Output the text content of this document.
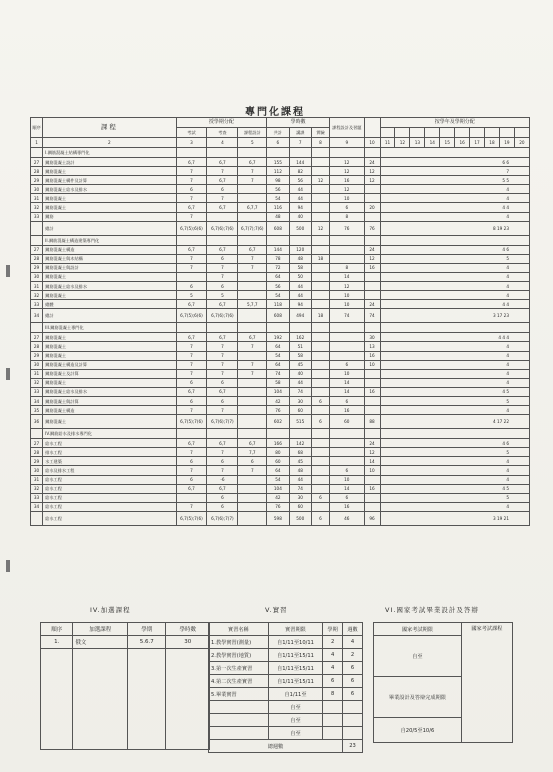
專門化課程
順序	課程	授學期分配			學時數			課程設計及習題		按學年及學期分配									
		考試	考查	課程設計	共計	講課	實驗												
1	2	3	4	5	6	7	8	9	10	11	12	13	14	15	16	17	18	19	20
	I.鋼筋混凝土結構專門化																		
27	鋼筋混凝土設計	6,7	6,7	6,7	155	144		12	24	6 6									
28	鋼筋混凝土	7	7	7	112	82		12	12	7									
29	鋼筋混凝土構件及計算	7	6,7	7	98	56	12	16	12	5 5									
30	鋼筋混凝土給水及排水	6	6		56	44		12		4									
31	鋼筋混凝土	7	7		54	44		10		4									
32	鋼筋混凝土	6,7	6,7	6,7,7	116	94		6	20	4 4									
33	鋼筋	7			48	40		8		4									
	總計	6,7(5);6(6)	6,7(6);7(6)	6,7(7);7(6)	608	500	12	76	76	8 19 23									
	II.鋼筋混凝土構造建築專門化																		
27	鋼筋混凝土構造	6,7	6,7	6,7	144	120			24	4 6									
28	鋼筋混凝土與木結構	7	6	7	78	48	18		12	5									
29	鋼筋混凝土與設計	7	7	7	72	58		8	16	4									
30	鋼筋混凝土		7		64	50		14		4									
31	鋼筋混凝土給水及排水	6	6		56	44		12		4									
32	鋼筋混凝土	5	5		54	44		10		4									
33	總體	6,7	6,7	5,7,7	118	94		10	24	4 4									
34	總計	6,7(5);6(6)	6,7(6);7(6)		608	494	18	74	74	3 17 23									
	III.鋼筋混凝土專門化																		
27	鋼筋混凝土	6,7	6,7	6,7	192	162			30	4 4 4									
28	鋼筋混凝土	7	7	7	64	51			13	4									
29	鋼筋混凝土	7	7		54	58			16	4									
30	鋼筋混凝土構造及計算	7	7	7	64	45		6	10	4									
31	鋼筋混凝土及計算	7	7	7	74	40		10		4									
32	鋼筋混凝土	6	6		58	44		14		4									
33	鋼筋混凝土給水及排水	6,7	6,7		104	74		14	16	4 5									
34	鋼筋混凝土與計算	6	6		42	30	6	6		5									
35	鋼筋混凝土構造	7	7		76	60		16		4									
36	鋼筋混凝土	6,7(5);7(6)	6,7(6);7(7)		602	515	6	60	88	4 17 22									
	IV.鋼筋給水及排水專門化																		
27	給水工程	6,7	6,7	6,7	166	142			24	4 6									
28	排水工程	7	7	7,7	80	68			12	5									
29	水工建築	6	6	6	60	45			14	4									
30	給水及排水工程	7	7	7	64	48		6	10	4									
31	給水工程	6	-6		54	44		10		4									
32	給水工程	6,7	6,7		104	74		14	16	4 5									
33	給水工程		6		42	30	6	6		5									
34	給水工程	7	6		76	60		16		4									
	給水工程	6,7(5);7(6)	6,7(6);7(7)		598	500	6	46	96	3 19 21									
IV.加選課程
順序	加選課程	學期	學時數
1.	俄文	5.6.7	30

V.實習
實習名稱	實習期限	學期	週數
1.教學實習(測量)	自1/11至10/11	2	4
2.教學實習(地質)	自1/11至15/11	4	2
3.第一次生產實習	自1/11至15/11	4	6
4.第二次生產實習	自1/11至15/11	6	6
5.畢業實習	自1/11至	8	6
	自至		
	自至		
	自至		
總週數			23
VI.國家考試畢業設計及答辯
國家考試期限	國家考試課程
自至
畢業設計及答辯完成期限
自20/5至10/6
